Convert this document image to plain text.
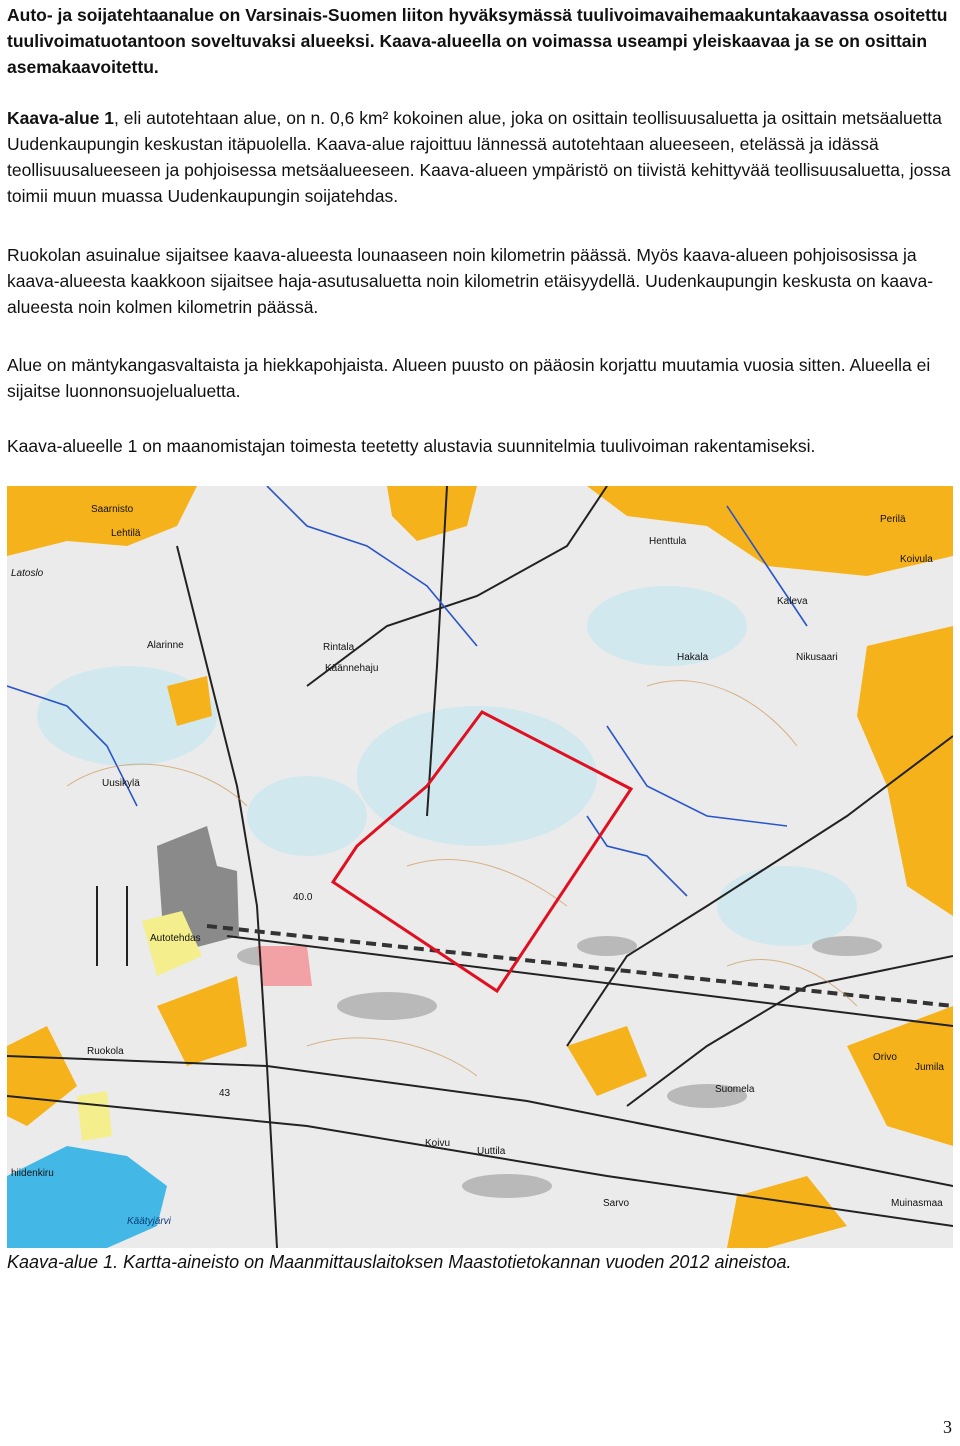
Auto- ja soijatehtaanalue on Varsinais-Suomen liiton hyväksymässä tuulivoimavaihemaakuntakaavassa osoitettu tuulivoimatuotantoon soveltuvaksi alueeksi. Kaava-alueella on voimassa useampi yleiskaavaa ja se on osittain asemakaavoitettu.
Kaava-alue 1, eli autotehtaan alue, on n. 0,6 km² kokoinen alue, joka on osittain teollisuusaluetta ja osittain metsäaluetta Uudenkaupungin keskustan itäpuolella. Kaava-alue rajoittuu lännessä autotehtaan alueeseen, etelässä ja idässä teollisuusalueeseen ja pohjoisessa metsäalueeseen. Kaava-alueen ympäristö on tiivistä kehittyvää teollisuusaluetta, jossa toimii muun muassa Uudenkaupungin soijatehdas.
Ruokolan asuinalue sijaitsee kaava-alueesta lounaaseen noin kilometrin päässä. Myös kaava-alueen pohjoisosissa ja kaava-alueesta kaakkoon sijaitsee haja-asutusaluetta noin kilometrin etäisyydellä. Uudenkaupungin keskusta on kaava-alueesta noin kolmen kilometrin päässä.
Alue on mäntykangasvaltaista ja hiekkapohjaista. Alueen puusto on pääosin korjattu muutamia vuosia sitten. Alueella ei sijaitse luonnonsuojelualuetta.
Kaava-alueelle 1 on maanomistajan toimesta teetetty alustavia suunnitelmia tuulivoiman rakentamiseksi.
Saarnisto
Lehtilä
Latoslo
Alarinne	Rintala
Käännehaju
Uusikylä
Henttula
Perilä
Koivula
Kaleva
Hakala	Nikusaari
Autotehdas
Ruokola
Koivu
Uuttila
Sarvo
Orivo
Jumila
Suomela
Muinasmaa
hiidenkiru
Käätyjärvi
40.0
43
Kaava-alue 1. Kartta-aineisto on Maanmittauslaitoksen Maastotietokannan vuoden 2012 aineistoa.
3
